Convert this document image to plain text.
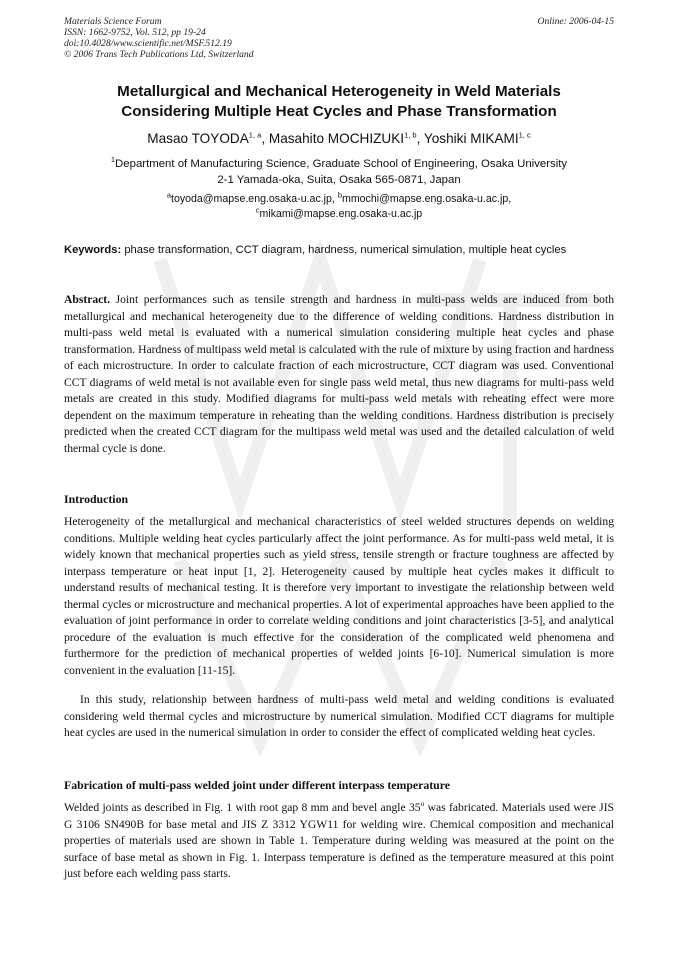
Materials Science Forum
ISSN: 1662-9752, Vol. 512, pp 19-24
doi:10.4028/www.scientific.net/MSF.512.19
© 2006 Trans Tech Publications Ltd, Switzerland
Online: 2006-04-15
Metallurgical and Mechanical Heterogeneity in Weld Materials
Considering Multiple Heat Cycles and Phase Transformation
Masao TOYODA$^{1, a}$, Masahito MOCHIZUKI$^{1, b}$, Yoshiki MIKAMI$^{1, c}$
$^1$Department of Manufacturing Science, Graduate School of Engineering, Osaka University
2-1 Yamada-oka, Suita, Osaka 565-0871, Japan
$^a$toyoda@mapse.eng.osaka-u.ac.jp, $^b$mmochi@mapse.eng.osaka-u.ac.jp,
$^c$mikami@mapse.eng.osaka-u.ac.jp
Keywords: phase transformation, CCT diagram, hardness, numerical simulation, multiple heat cycles
Abstract. Joint performances such as tensile strength and hardness in multi-pass welds are induced from both metallurgical and mechanical heterogeneity due to the difference of welding conditions. Hardness distribution in multi-pass weld metal is evaluated with a numerical simulation considering multiple heat cycles and phase transformation. Hardness of multipass weld metal is calculated with the rule of mixture by using fraction and hardness of each microstructure. In order to calculate fraction of each microstructure, CCT diagram was used. Conventional CCT diagrams of weld metal is not available even for single pass weld metal, thus new diagrams for multi-pass weld metals are created in this study. Modified diagrams for multi-pass weld metals with reheating effect were more dependent on the maximum temperature in reheating than the welding conditions. Hardness distribution is precisely predicted when the created CCT diagram for the multipass weld metal was used and the detailed calculation of weld thermal cycle is done.
Introduction
Heterogeneity of the metallurgical and mechanical characteristics of steel welded structures depends on welding conditions. Multiple welding heat cycles particularly affect the joint performance. As for multi-pass weld metal, it is widely known that mechanical properties such as yield stress, tensile strength or fracture toughness are affected by interpass temperature or heat input [1, 2]. Heterogeneity caused by multiple heat cycles makes it difficult to understand results of mechanical testing. It is therefore very important to investigate the relationship between weld thermal cycles or microstructure and mechanical properties. A lot of experimental approaches have been applied to the evaluation of joint performance in order to correlate welding conditions and joint characteristics [3-5], and analytical procedure of the evaluation is much effective for the consideration of the complicated weld phenomena and furthermore for the prediction of mechanical properties of welded joints [6-10]. Numerical simulation is more convenient in the evaluation [11-15].
In this study, relationship between hardness of multi-pass weld metal and welding conditions is evaluated considering weld thermal cycles and microstructure by numerical simulation. Modified CCT diagrams for multiple heat cycles are used in the numerical simulation in order to consider the effect of complicated welding heat cycles.
Fabrication of multi-pass welded joint under different interpass temperature
Welded joints as described in Fig. 1 with root gap 8 mm and bevel angle 35$^o$ was fabricated. Materials used were JIS G 3106 SN490B for base metal and JIS Z 3312 YGW11 for welding wire. Chemical composition and mechanical properties of materials used are shown in Table 1. Temperature during welding was measured at the point on the surface of base metal as shown in Fig. 1. Interpass temperature is defined as the temperature measured at this point just before each welding pass starts.
